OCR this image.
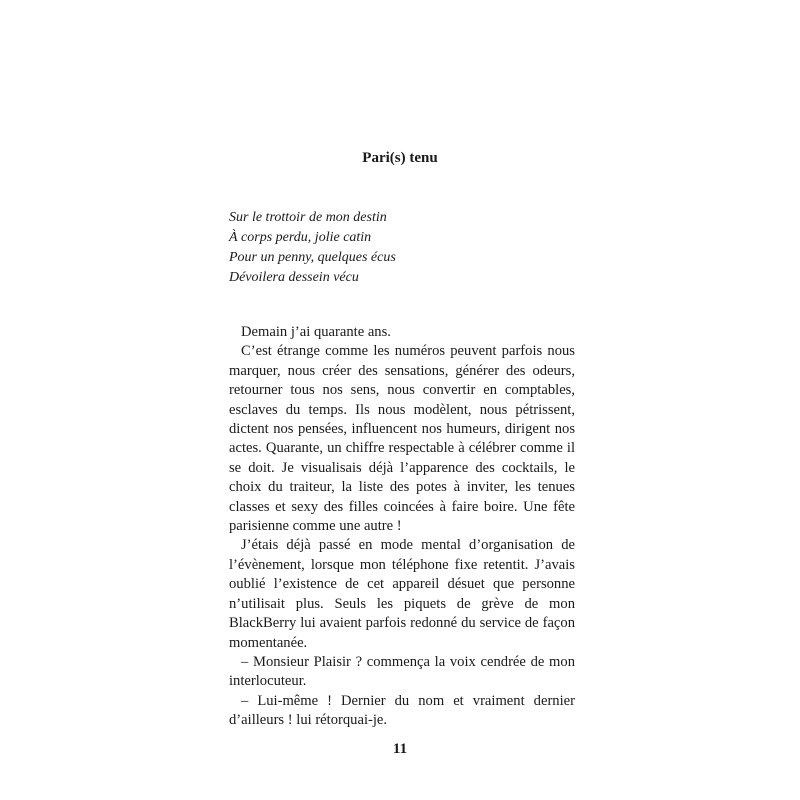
Pari(s) tenu
Sur le trottoir de mon destin
À corps perdu, jolie catin
Pour un penny, quelques écus
Dévoilera dessein vécu

Demain j’ai quarante ans.

C’est étrange comme les numéros peuvent parfois nous marquer, nous créer des sensations, générer des odeurs, retourner tous nos sens, nous convertir en comptables, esclaves du temps. Ils nous modèlent, nous pétrissent, dictent nos pensées, influencent nos humeurs, dirigent nos actes. Quarante, un chiffre respectable à célébrer comme il se doit. Je visualisais déjà l’apparence des cocktails, le choix du traiteur, la liste des potes à inviter, les tenues classes et sexy des filles coincées à faire boire. Une fête parisienne comme une autre !

J’étais déjà passé en mode mental d’organisation de l’évènement, lorsque mon téléphone fixe retentit. J’avais oublié l’existence de cet appareil désuet que personne n’utilisait plus. Seuls les piquets de grève de mon BlackBerry lui avaient parfois redonné du service de façon momentanée.

– Monsieur Plaisir ? commença la voix cendrée de mon interlocuteur.

– Lui-même ! Dernier du nom et vraiment dernier d’ailleurs ! lui rétorquai-je.

11
